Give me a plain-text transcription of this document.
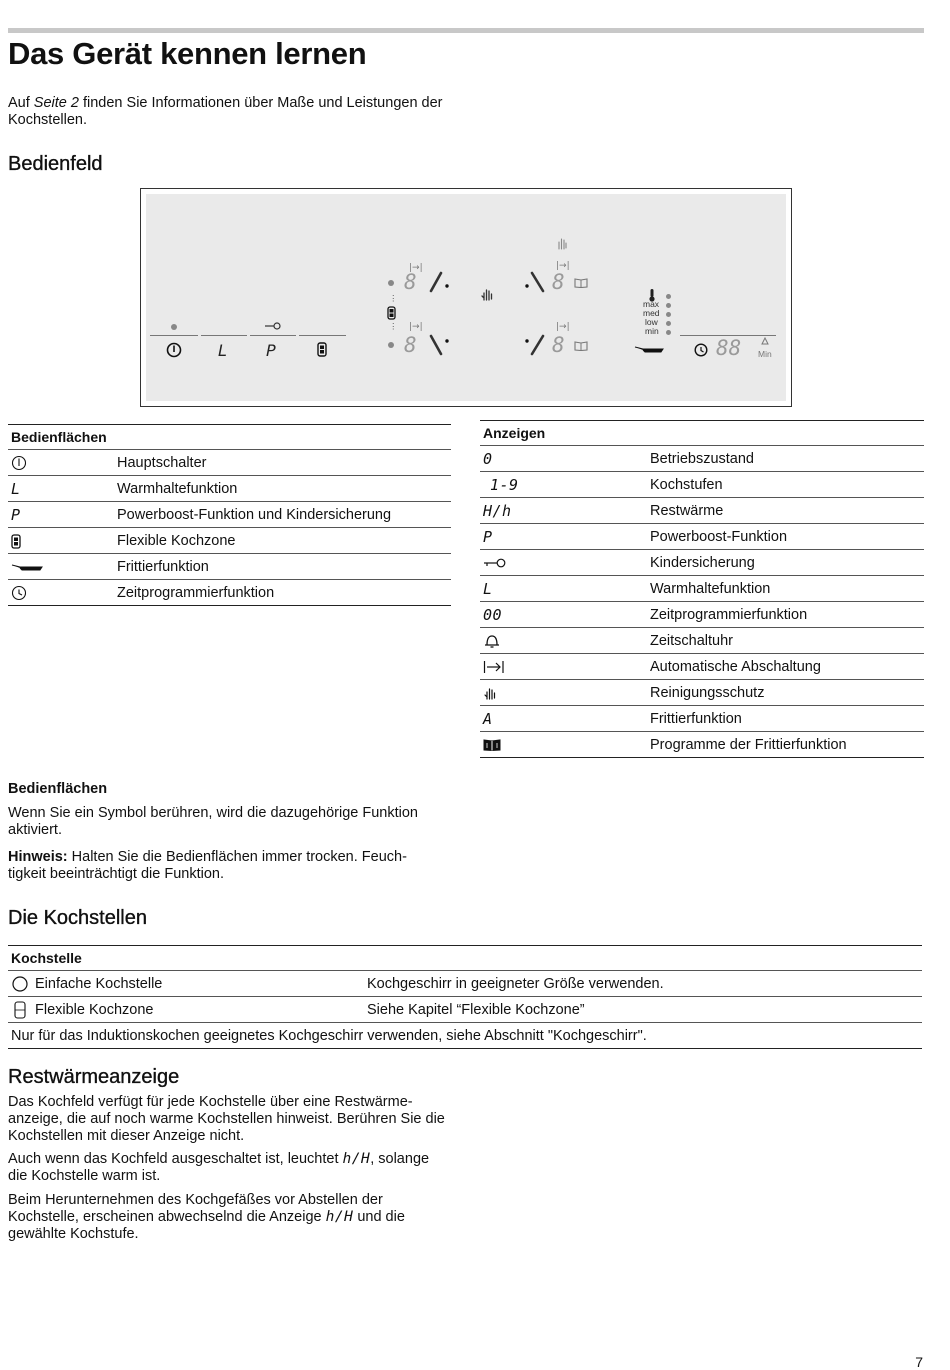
Das Gerät kennen lernen

Auf Seite 2 finden Sie Informationen über Maße und Leistungen der Kochstellen.

Bedienfeld
L P
|→|
8
⋮
⋮ |→|
8
|→|
8
|→|
8
max
med
low
min
88 Min
Bedienflächen	
	Hauptschalter
L	Warmhaltefunktion
P	Powerboost-Funktion und Kindersicherung
	Flexible Kochzone
	Frittierfunktion
	Zeitprogrammierfunktion
Anzeigen	
0	Betriebszustand
1-9	Kochstufen
H/h	Restwärme
P	Powerboost-Funktion
	Kindersicherung
L	Warmhaltefunktion
00	Zeitprogrammierfunktion
	Zeitschaltuhr
	Automatische Abschaltung
	Reinigungsschutz
A	Frittierfunktion
	Programme der Frittierfunktion

Bedienflächen

Wenn Sie ein Symbol berühren, wird die dazugehörige Funktion aktiviert.

Hinweis: Halten Sie die Bedienflächen immer trocken. Feuch- tigkeit beeinträchtigt die Funktion.

Die Kochstellen
Kochstelle	
Einfache Kochstelle	Kochgeschirr in geeigneter Größe verwenden.
Flexible Kochzone	Siehe Kapitel “Flexible Kochzone”
Nur für das Induktionskochen geeignetes Kochgeschirr verwenden, siehe Abschnitt "Kochgeschirr".	
Restwärmeanzeige

Das Kochfeld verfügt für jede Kochstelle über eine Restwärme- anzeige, die auf noch warme Kochstellen hinweist. Berühren Sie die Kochstellen mit dieser Anzeige nicht.

Auch wenn das Kochfeld ausgeschaltet ist, leuchtet h/H, solange die Kochstelle warm ist.

Beim Herunternehmen des Kochgefäßes vor Abstellen der Kochstelle, erscheinen abwechselnd die Anzeige h/H und die gewählte Kochstufe.

7
